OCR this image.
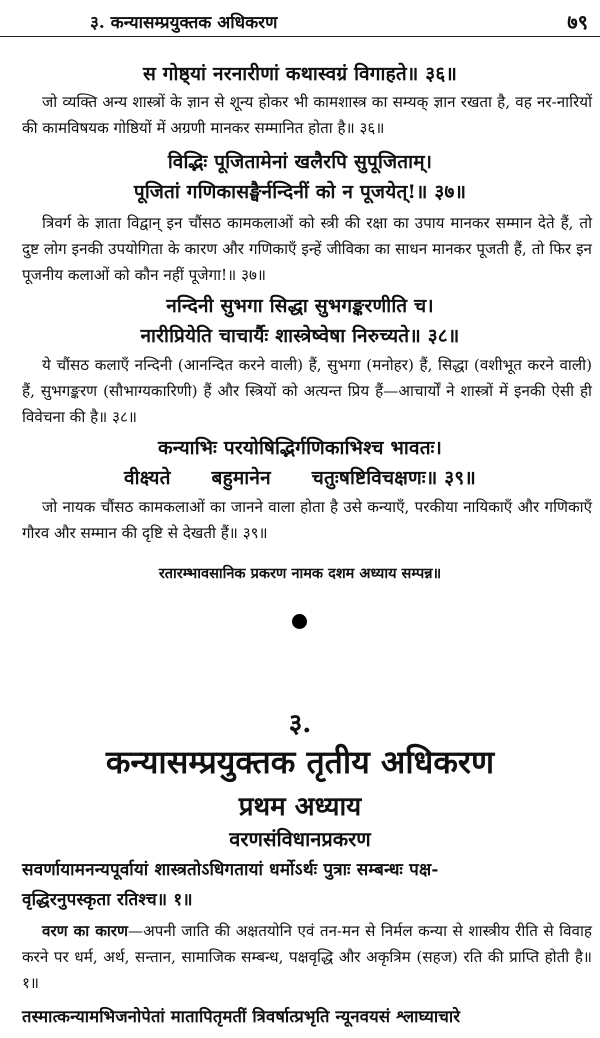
३. कन्यासम्प्रयुक्तक अधिकरण	७९
स गोष्ठ्यां नरनारीणां कथास्वग्रं विगाहते॥ ३६॥
जो व्यक्ति अन्य शास्त्रों के ज्ञान से शून्य होकर भी कामशास्त्र का सम्यक् ज्ञान रखता है, वह नर-नारियों की कामविषयक गोष्ठियों में अग्रणी मानकर सम्मानित होता है॥ ३६॥
विद्भिः पूजितामेनां खलैरपि सुपूजिताम्।
पूजितां गणिकासङ्घैर्नन्दिनीं को न पूजयेत्!॥ ३७॥
त्रिवर्ग के ज्ञाता विद्वान् इन चौंसठ कामकलाओं को स्त्री की रक्षा का उपाय मानकर सम्मान देते हैं, तो दुष्ट लोग इनकी उपयोगिता के कारण और गणिकाएँ इन्हें जीविका का साधन मानकर पूजती हैं, तो फिर इन पूजनीय कलाओं को कौन नहीं पूजेगा!॥ ३७॥
नन्दिनी सुभगा सिद्धा सुभगङ्करणीति च।
नारीप्रियेति चाचार्यैः शास्त्रेष्वेषा निरुच्यते॥ ३८॥
ये चौंसठ कलाएँ नन्दिनी (आनन्दित करने वाली) हैं, सुभगा (मनोहर) हैं, सिद्धा (वशीभूत करने वाली) हैं, सुभगङ्करण (सौभाग्यकारिणी) हैं और स्त्रियों को अत्यन्त प्रिय हैं—आचार्यों ने शास्त्रों में इनकी ऐसी ही विवेचना की है॥ ३८॥
कन्याभिः परयोषिद्भिर्गणिकाभिश्च भावतः।
वीक्ष्यते बहुमानेन चतुःषष्टिविचक्षणः॥ ३९॥
जो नायक चौंसठ कामकलाओं का जानने वाला होता है उसे कन्याएँ, परकीया नायिकाएँ और गणिकाएँ गौरव और सम्मान की दृष्टि से देखती हैं॥ ३९॥
रतारम्भावसानिक प्रकरण नामक दशम अध्याय सम्पन्न॥
३.
कन्यासम्प्रयुक्तक तृतीय अधिकरण
प्रथम अध्याय
वरणसंविधानप्रकरण
सवर्णायामनन्यपूर्वायां शास्त्रतोऽधिगतायां धर्मोऽर्थः पुत्राः सम्बन्धः पक्ष-
वृद्धिरनुपस्कृता रतिश्च॥ १॥
वरण का कारण—अपनी जाति की अक्षतयोनि एवं तन-मन से निर्मल कन्या से शास्त्रीय रीति से विवाह करने पर धर्म, अर्थ, सन्तान, सामाजिक सम्बन्ध, पक्षवृद्धि और अकृत्रिम (सहज) रति की प्राप्ति होती है॥ १॥
तस्मात्कन्यामभिजनोपेतां मातापितृमतीं त्रिवर्षात्प्रभृति न्यूनवयसं श्लाघ्याचारे
